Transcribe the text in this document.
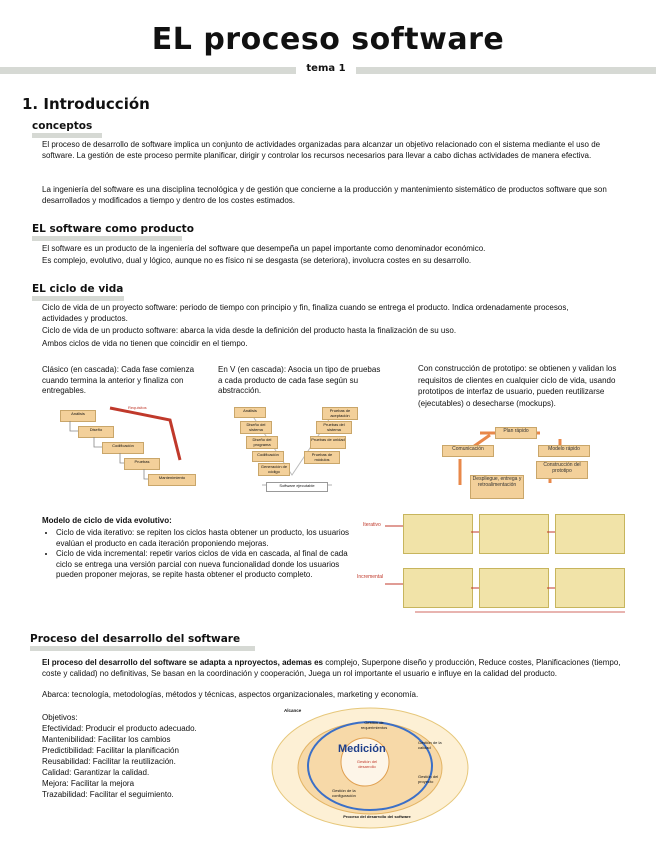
EL proceso software
tema 1
1. Introducción
conceptos
El proceso de desarrollo de software implica un conjunto de actividades organizadas para alcanzar un objetivo relacionado con el sistema mediante el uso de software. La gestión de este proceso permite planificar, dirigir y controlar los recursos necesarios para llevar a cabo dichas actividades de manera efectiva.
La ingeniería del software es una disciplina tecnológica y de gestión que concierne a la producción y mantenimiento sistemático de productos software que son desarrollados y modificados a tiempo y dentro de los costes estimados.
EL software como producto
El software es un producto de la ingeniería del software que desempeña un papel importante como denominador económico.
Es complejo, evolutivo, dual y lógico, aunque no es físico ni se desgasta (se deteriora), involucra costes en su desarrollo.
EL ciclo de vida
Ciclo de vida de un proyecto software: periodo de tiempo con principio y fin, finaliza cuando se entrega el producto. Indica ordenadamente procesos, actividades y productos.
Ciclo de vida de un producto software: abarca la vida desde la definición del producto hasta la finalización de su uso.
Ambos ciclos de vida no tienen que coincidir en el tiempo.
Clásico (en cascada): Cada fase comienza cuando termina la anterior y finaliza con entregables.
En V (en cascada): Asocia un tipo de pruebas a cada producto de cada fase según su abstracción.
Con construcción de prototipo: se obtienen y validan los requisitos de clientes en cualquier ciclo de vida, usando prototipos de interfaz de usuario, pueden reutilizarse (ejecutables) o desecharse (mockups).
Análisis
Diseño
Codificación
Pruebas
Mantenimiento
Requisitos
Análisis
Diseño del sistema
Diseño del programa
Codificación
Generación de código
Pruebas de aceptación
Pruebas del sistema
Pruebas de unidad
Pruebas de módulos
Software ejecutable
Plan rápido
Comunicación	Modelo rápido
Construcción del prototipo
Despliegue, entrega y retroalimentación
Modelo de ciclo de vida evolutivo:
• Ciclo de vida iterativo: se repiten los ciclos hasta obtener un producto, los usuarios evalúan el producto en cada iteración proponiendo mejoras.
• Ciclo de vida incremental: repetir varios ciclos de vida en cascada, al final de cada ciclo se entrega una versión parcial con nueva funcionalidad donde los usuarios pueden proponer mejoras, se repite hasta obtener el producto completo.
Iterativo
Incremental
Proceso del desarrollo del software
El proceso del desarrollo del software se adapta a nproyectos, ademas es complejo, Superpone diseño y producción, Reduce costes, Planificaciones (tiempo, coste y calidad) no definitivas, Se basan en la coordinación y cooperación, Juega un rol importante el usuario e influye en la calidad del producto.
Abarca: tecnología, metodologías, métodos y técnicas, aspectos organizacionales, marketing y economía.
Objetivos:
Efectividad: Producir el producto adecuado.
Mantenibilidad: Facilitar los cambios
Predictibilidad: Facilitar la planificación
Reusabilidad: Facilitar la reutilización.
Calidad: Garantizar la calidad.
Mejora: Facilitar la mejora
Trazabilidad: Facilitar el seguimiento.
Alcance
Medición
Gestión del desarrollo
Gestión de requerimientos
Gestión de la calidad
Gestión del proyecto
Gestión de la configuración
Proceso del desarrollo del software
